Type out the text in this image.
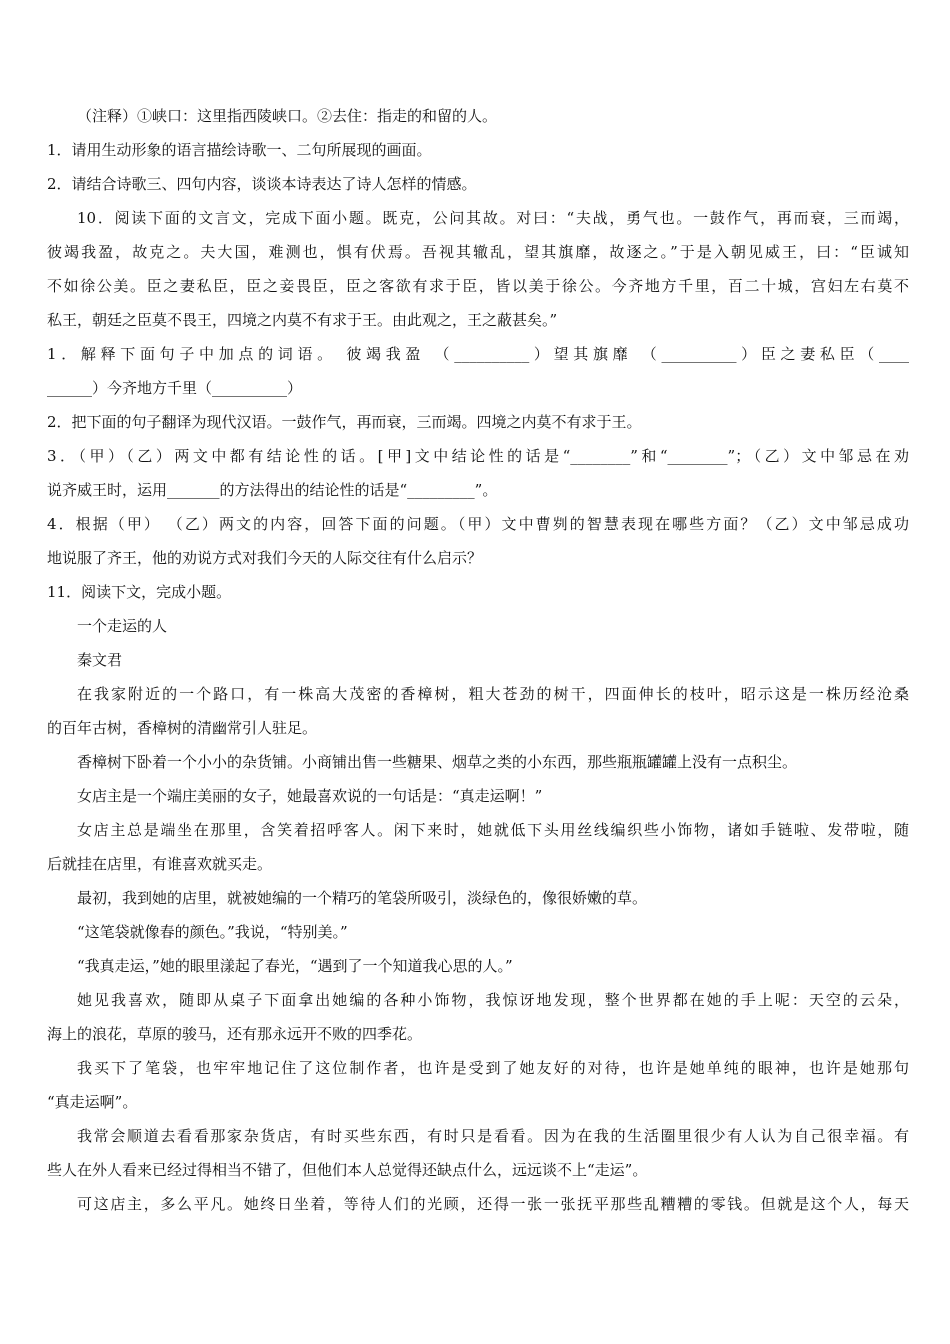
（注释）①峡口：这里指西陵峡口。②去住：指走的和留的人。
1．请用生动形象的语言描绘诗歌一、二句所展现的画面。
2．请结合诗歌三、四句内容，谈谈本诗表达了诗人怎样的情感。
10．阅读下面的文言文，完成下面小题。既克，公问其故。对曰：“夫战，勇气也。一鼓作气，再而衰，三而竭，
彼竭我盈，故克之。夫大国，难测也，惧有伏焉。吾视其辙乱，望其旗靡，故逐之。”于是入朝见威王，曰：“臣诚知
不如徐公美。臣之妻私臣，臣之妾畏臣，臣之客欲有求于臣，皆以美于徐公。今齐地方千里，百二十城，宫妇左右莫不
私王，朝廷之臣莫不畏王，四境之内莫不有求于王。由此观之，王之蔽甚矣。”
1．解释下面句子中加点的词语。 彼竭我盈 （__________）望其旗靡 （__________）臣之妻私臣（____
______）今齐地方千里（__________）
2．把下面的句子翻译为现代汉语。一鼓作气，再而衰，三而竭。四境之内莫不有求于王。
3．（甲）（乙）两文中都有结论性的话。[甲]文中结论性的话是“________”和“________”；（乙）文中邹忌在劝
说齐威王时，运用_______的方法得出的结论性的话是“_________”。
4．根据（甲） （乙）两文的内容，回答下面的问题。（甲）文中曹刿的智慧表现在哪些方面？（乙）文中邹忌成功
地说服了齐王，他的劝说方式对我们今天的人际交往有什么启示？
11．阅读下文，完成小题。
一个走运的人
秦文君
在我家附近的一个路口，有一株高大茂密的香樟树，粗大苍劲的树干，四面伸长的枝叶，昭示这是一株历经沧桑
的百年古树，香樟树的清幽常引人驻足。
香樟树下卧着一个小小的杂货铺。小商铺出售一些糖果、烟草之类的小东西，那些瓶瓶罐罐上没有一点积尘。
女店主是一个端庄美丽的女子，她最喜欢说的一句话是：“真走运啊！”
女店主总是端坐在那里，含笑着招呼客人。闲下来时，她就低下头用丝线编织些小饰物，诸如手链啦、发带啦，随
后就挂在店里，有谁喜欢就买走。
最初，我到她的店里，就被她编的一个精巧的笔袋所吸引，淡绿色的，像很娇嫩的草。
“这笔袋就像春的颜色。”我说，“特别美。”
“我真走运，”她的眼里漾起了春光，“遇到了一个知道我心思的人。”
她见我喜欢，随即从桌子下面拿出她编的各种小饰物，我惊讶地发现，整个世界都在她的手上呢：天空的云朵，
海上的浪花，草原的骏马，还有那永远开不败的四季花。
我买下了笔袋，也牢牢地记住了这位制作者，也许是受到了她友好的对待，也许是她单纯的眼神，也许是她那句
“真走运啊”。
我常会顺道去看看那家杂货店，有时买些东西，有时只是看看。因为在我的生活圈里很少有人认为自己很幸福。有
些人在外人看来已经过得相当不错了，但他们本人总觉得还缺点什么，远远谈不上“走运”。
可这店主，多么平凡。她终日坐着，等待人们的光顾，还得一张一张抚平那些乱糟糟的零钱。但就是这个人，每天
